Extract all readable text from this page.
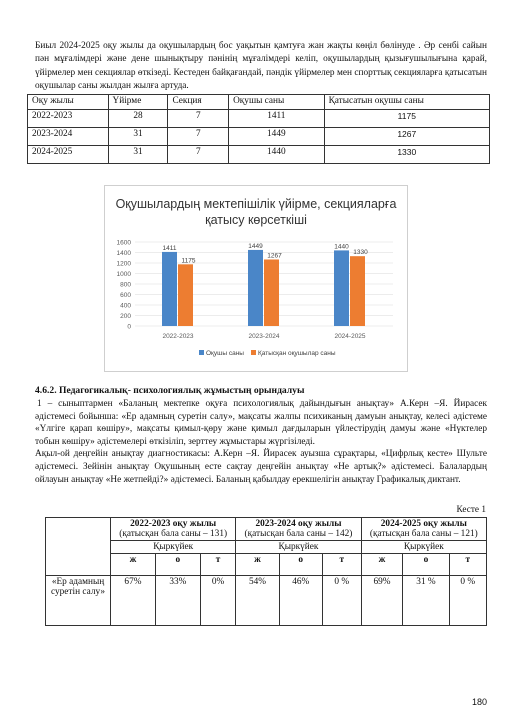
Биыл 2024-2025 оқу жылы да оқушылардың бос уақытын қамтуға жан жақты көңіл бөлінуде . Әр сенбі сайын пән мұғалімдері және дене шынықтыру пәнінің мұғалімдері келіп, оқушылардың қызығушылығына қарай, үйірмелер мен секциялар өткізеді. Кестеден байқағандай, пәндік үйірмелер мен спорттық секцияларға қатысатын оқушылар саны жылдан жылға артуда.
Оқу жылы	Үйірме	Секция	Оқушы саны	Қатысатын оқушы саны
2022-2023	28	7	1411	1175
2023-2024	31	7	1449	1267
2024-2025	31	7	1440	1330
Оқушылардың мектепішілік үйірме, секцияларға қатысу көрсеткіші
0
200
400
600
800
1000
1200
1400
1600
1411
1175
2022-2023
1449
1267
2023-2024
1440
1330
2024-2025
Оқушы саны Қатысқан оқушылар саны
4.6.2. Педагогикалық- психологиялық жұмыстың орындалуы

1 – сыныптармен «Баланың мектепке оқуға психологиялық дайындығын анықтау» А.Керн –Я. Йирасек әдістемесі бойынша: «Ер адамның суретін салу», мақсаты жалпы психиканың дамуын анықтау, келесі әдістеме «Үлгіге қарап көшіру», мақсаты қимыл-қөру және қимыл дағдыларын үйлестірудің дамуы және «Нүктелер тобын көшіру» әдістемелері өткізіліп, зерттеу жұмыстары жүргізіледі.

Ақыл-ой деңгейін анықтау диагностикасы: А.Керн –Я. Йирасек ауызша сұрақтары, «Цифрлық кесте» Шульте әдістемесі. Зейінін анықтау Оқушының есте сақтау деңгейін анықтау «Не артық?» әдістемесі. Балалардың ойлауын анықтау «Не жетпейді?» әдістемесі. Баланың қабылдау ерекшелігін анықтау Графикалық диктант.

Кесте 1
	2022-2023 оқу жылы
(қатысқан бала саны – 131)			2023-2024 оқу жылы
(қатысқан бала саны – 142)			2024-2025 оқу жылы
(қатысқан бала саны – 121)		
	Қыркүйек			Қыркүйек			Қыркүйек		
	ж	о	т	ж	о	т	ж	о	т
«Ер адамның суретін салу»	67%	33%	0%	54%	46%	0 %	69%	31 %	0 %
180
